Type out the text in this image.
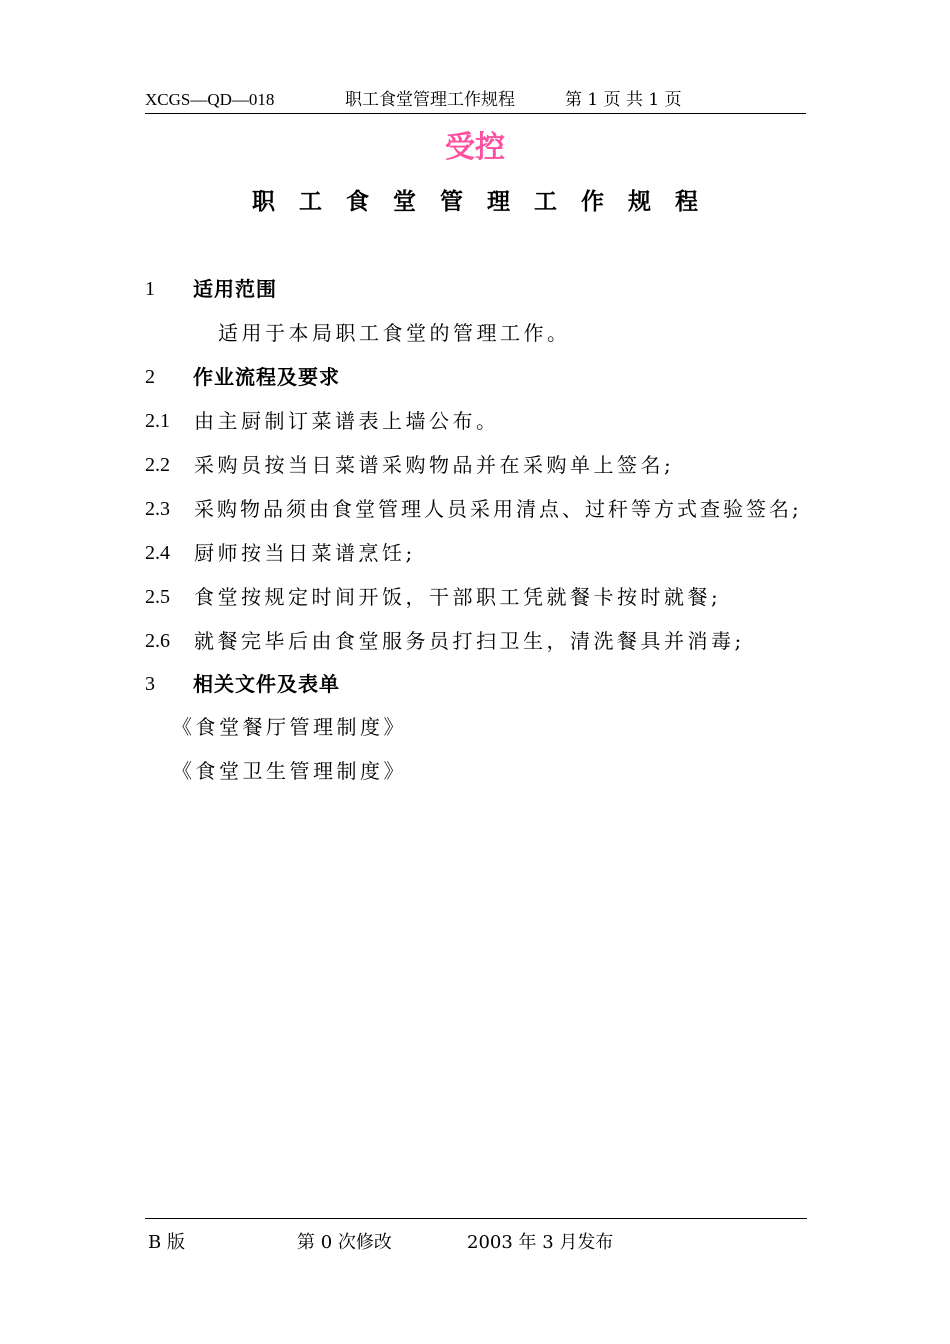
XCGS—QD—018	职工食堂管理工作规程	第 1 页 共 1 页
受控
职工食堂管理工作规程
1 适用范围
适用于本局职工食堂的管理工作。
2 作业流程及要求
2.1 由主厨制订菜谱表上墙公布。
2.2 采购员按当日菜谱采购物品并在采购单上签名;
2.3 采购物品须由食堂管理人员采用清点、过秆等方式查验签名;
2.4 厨师按当日菜谱烹饪;
2.5 食堂按规定时间开饭，干部职工凭就餐卡按时就餐;
2.6 就餐完毕后由食堂服务员打扫卫生，清洗餐具并消毒;
3 相关文件及表单
《食堂餐厅管理制度》
《食堂卫生管理制度》
B 版	第 0 次修改	2003 年 3 月发布
